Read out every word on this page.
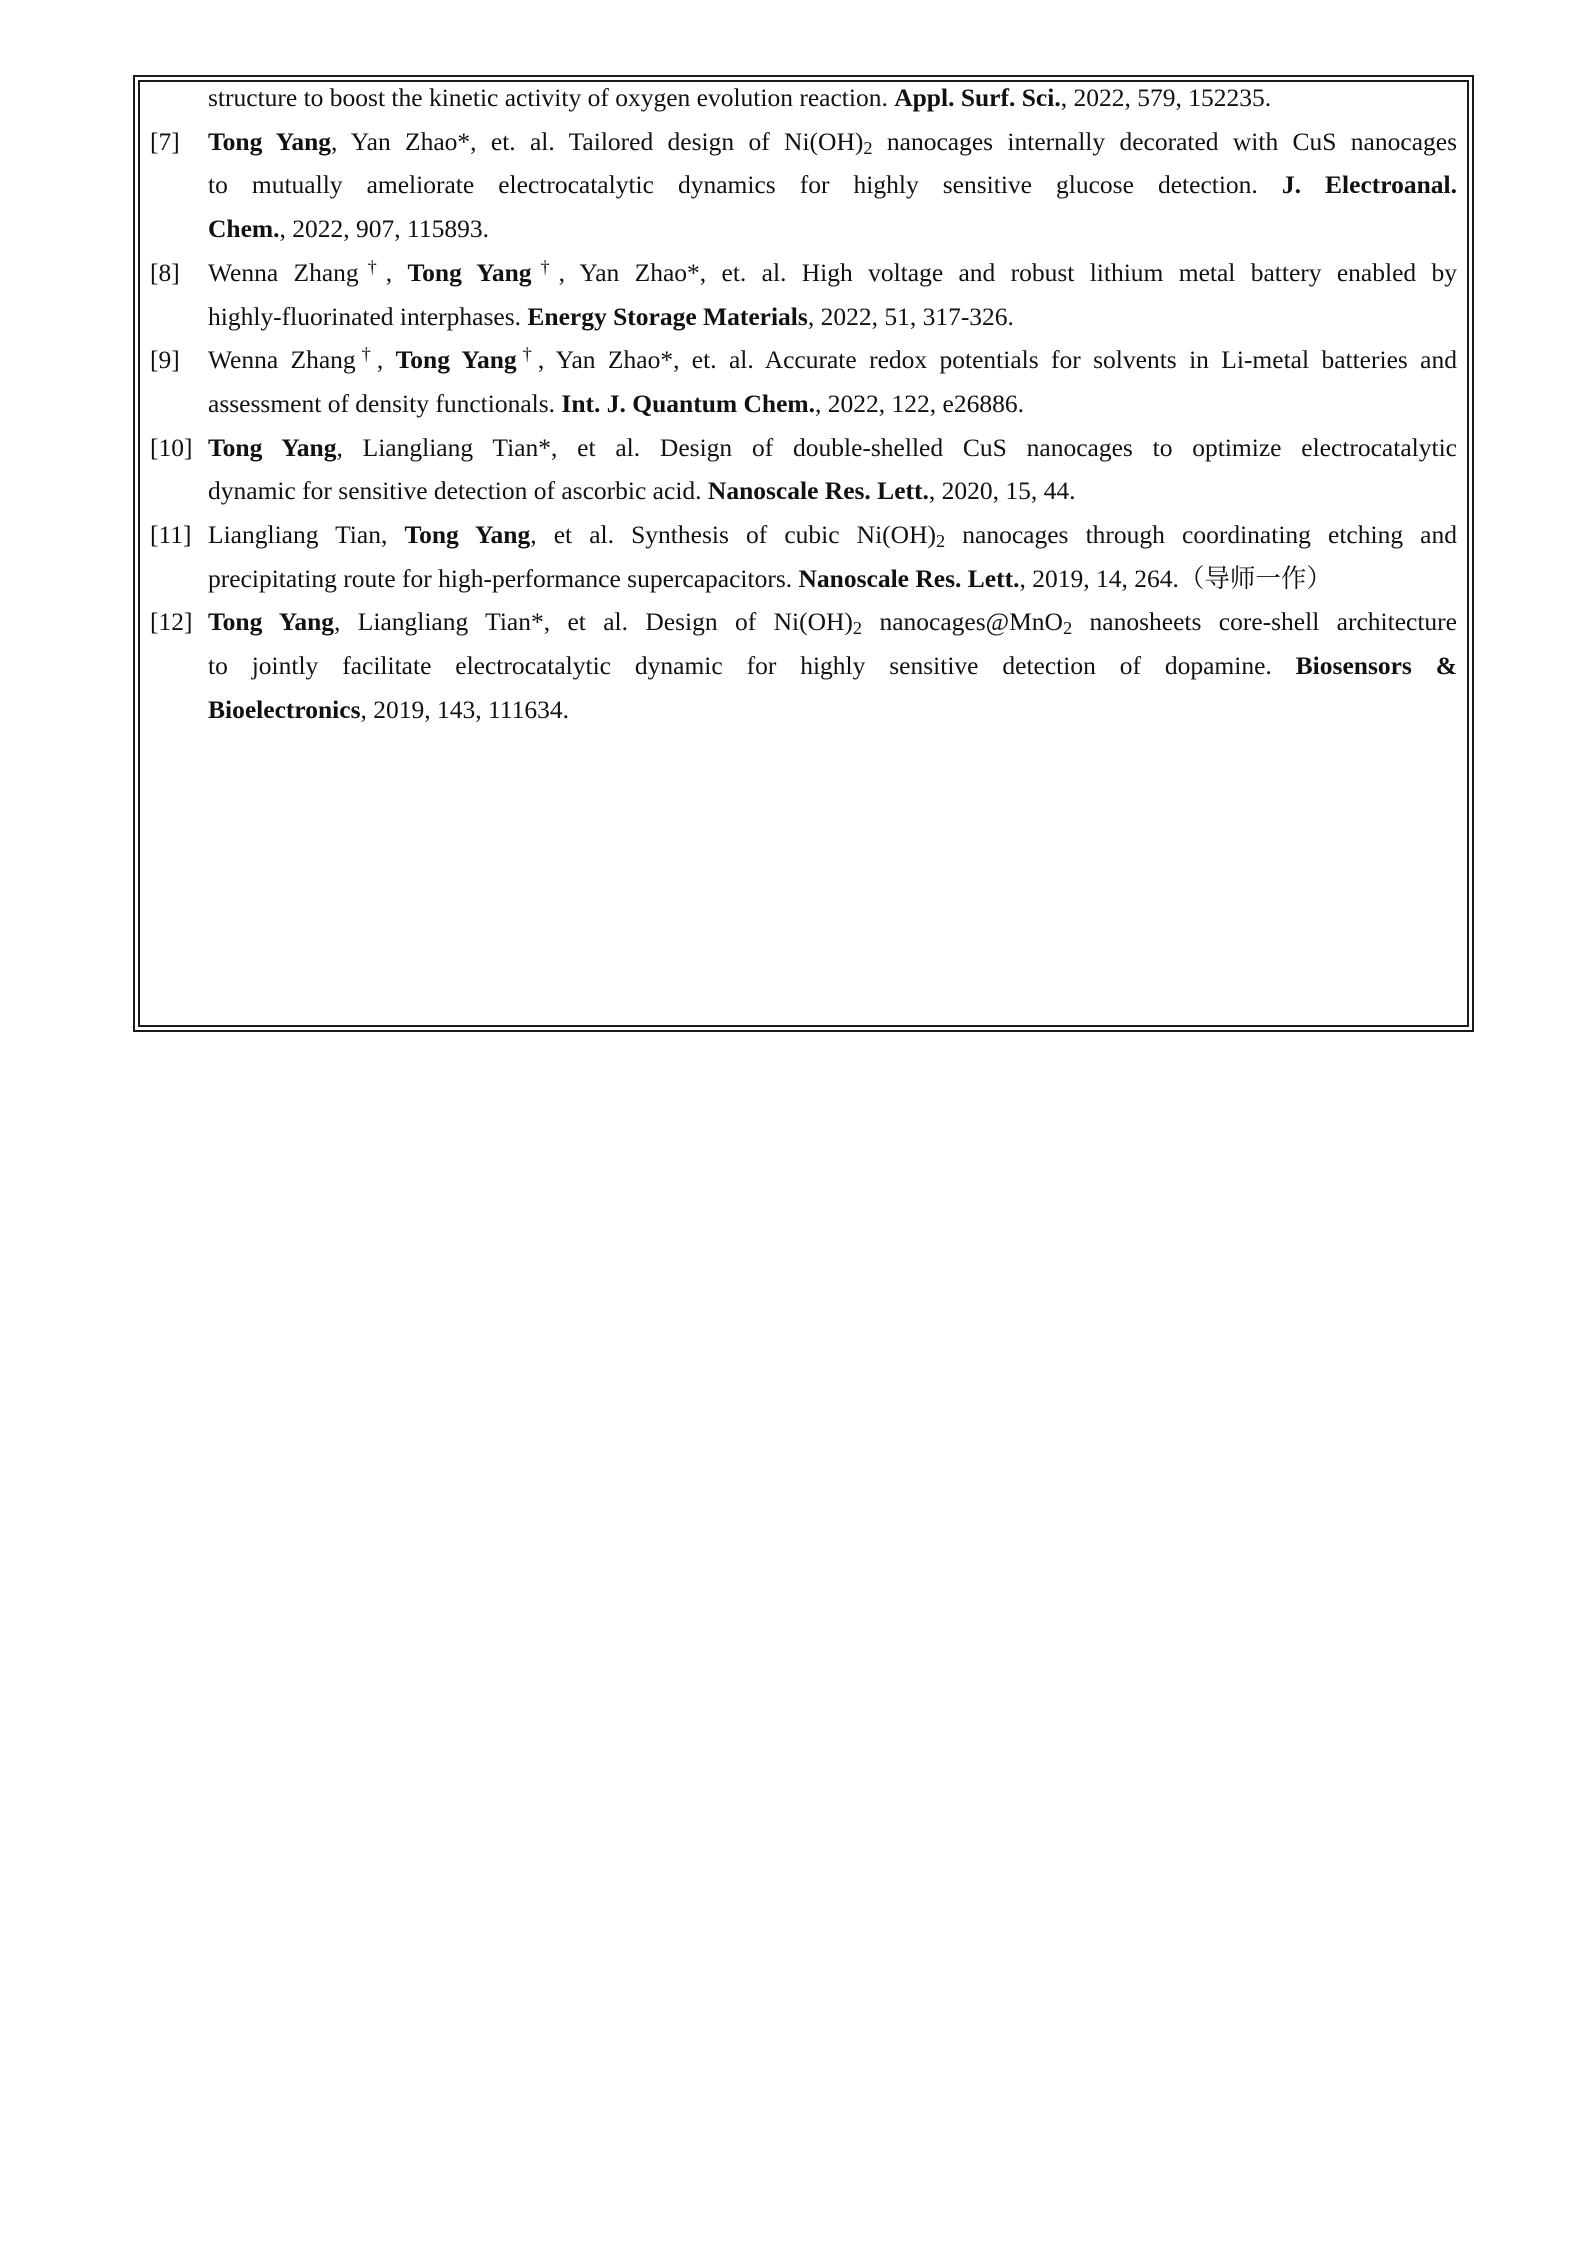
structure to boost the kinetic activity of oxygen evolution reaction. Appl. Surf. Sci., 2022, 579, 152235.
[7]	Tong Yang, Yan Zhao*, et. al. Tailored design of $Ni(OH)_2$ nanocages internally decorated with CuS nanocages
to mutually ameliorate electrocatalytic dynamics for highly sensitive glucose detection. J. Electroanal.
Chem., 2022, 907, 115893.
[8]	Wenna Zhang†, Tong Yang†, Yan Zhao*, et. al. High voltage and robust lithium metal battery enabled by
highly-fluorinated interphases. Energy Storage Materials, 2022, 51, 317-326.
[9]	Wenna Zhang†, Tong Yang†, Yan Zhao*, et. al. Accurate redox potentials for solvents in Li-metal batteries and
assessment of density functionals. Int. J. Quantum Chem., 2022, 122, e26886.
[10] Tong Yang, Liangliang Tian*, et al. Design of double-shelled CuS nanocages to optimize electrocatalytic
dynamic for sensitive detection of ascorbic acid. Nanoscale Res. Lett., 2020, 15, 44.
[11] Liangliang Tian, Tong Yang, et al. Synthesis of cubic $Ni(OH)_2$ nanocages through coordinating etching and
precipitating route for high-performance supercapacitors. Nanoscale Res. Lett., 2019, 14, 264.（导师一作）
[12] Tong Yang, Liangliang Tian*, et al. Design of $Ni(OH)_2$ nanocages@MnO$_2$ nanosheets core-shell architecture
to jointly facilitate electrocatalytic dynamic for highly sensitive detection of dopamine. Biosensors &
Bioelectronics, 2019, 143, 111634.
